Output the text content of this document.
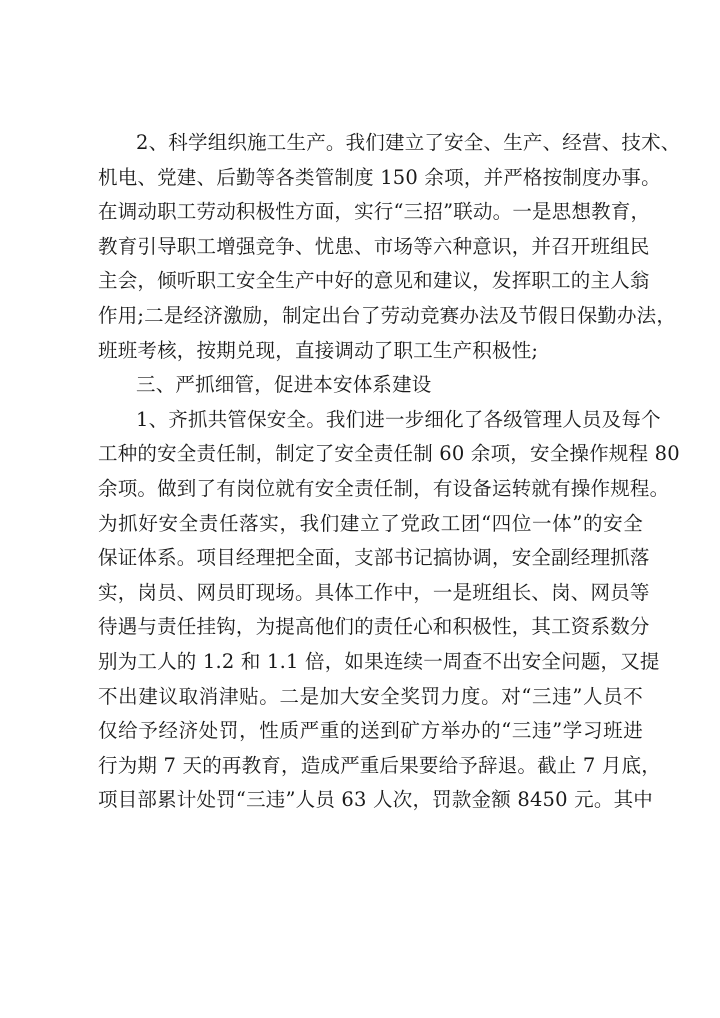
2、科学组织施工生产。我们建立了安全、生产、经营、技术、
机电、党建、后勤等各类管制度 150 余项，并严格按制度办事。
在调动职工劳动积极性方面，实行“三招”联动。一是思想教育，
教育引导职工增强竞争、忧患、市场等六种意识，并召开班组民
主会，倾听职工安全生产中好的意见和建议，发挥职工的主人翁
作用;二是经济激励，制定出台了劳动竞赛办法及节假日保勤办法，
班班考核，按期兑现，直接调动了职工生产积极性;
三、严抓细管，促进本安体系建设
1、齐抓共管保安全。我们进一步细化了各级管理人员及每个
工种的安全责任制，制定了安全责任制 60 余项，安全操作规程 80
余项。做到了有岗位就有安全责任制，有设备运转就有操作规程。
为抓好安全责任落实，我们建立了党政工团“四位一体”的安全
保证体系。项目经理把全面，支部书记搞协调，安全副经理抓落
实，岗员、网员盯现场。具体工作中，一是班组长、岗、网员等
待遇与责任挂钩，为提高他们的责任心和积极性，其工资系数分
别为工人的 1.2 和 1.1 倍，如果连续一周查不出安全问题，又提
不出建议取消津贴。二是加大安全奖罚力度。对“三违”人员不
仅给予经济处罚，性质严重的送到矿方举办的“三违”学习班进
行为期 7 天的再教育，造成严重后果要给予辞退。截止 7 月底，
项目部累计处罚“三违”人员 63 人次，罚款金额 8450 元。其中
